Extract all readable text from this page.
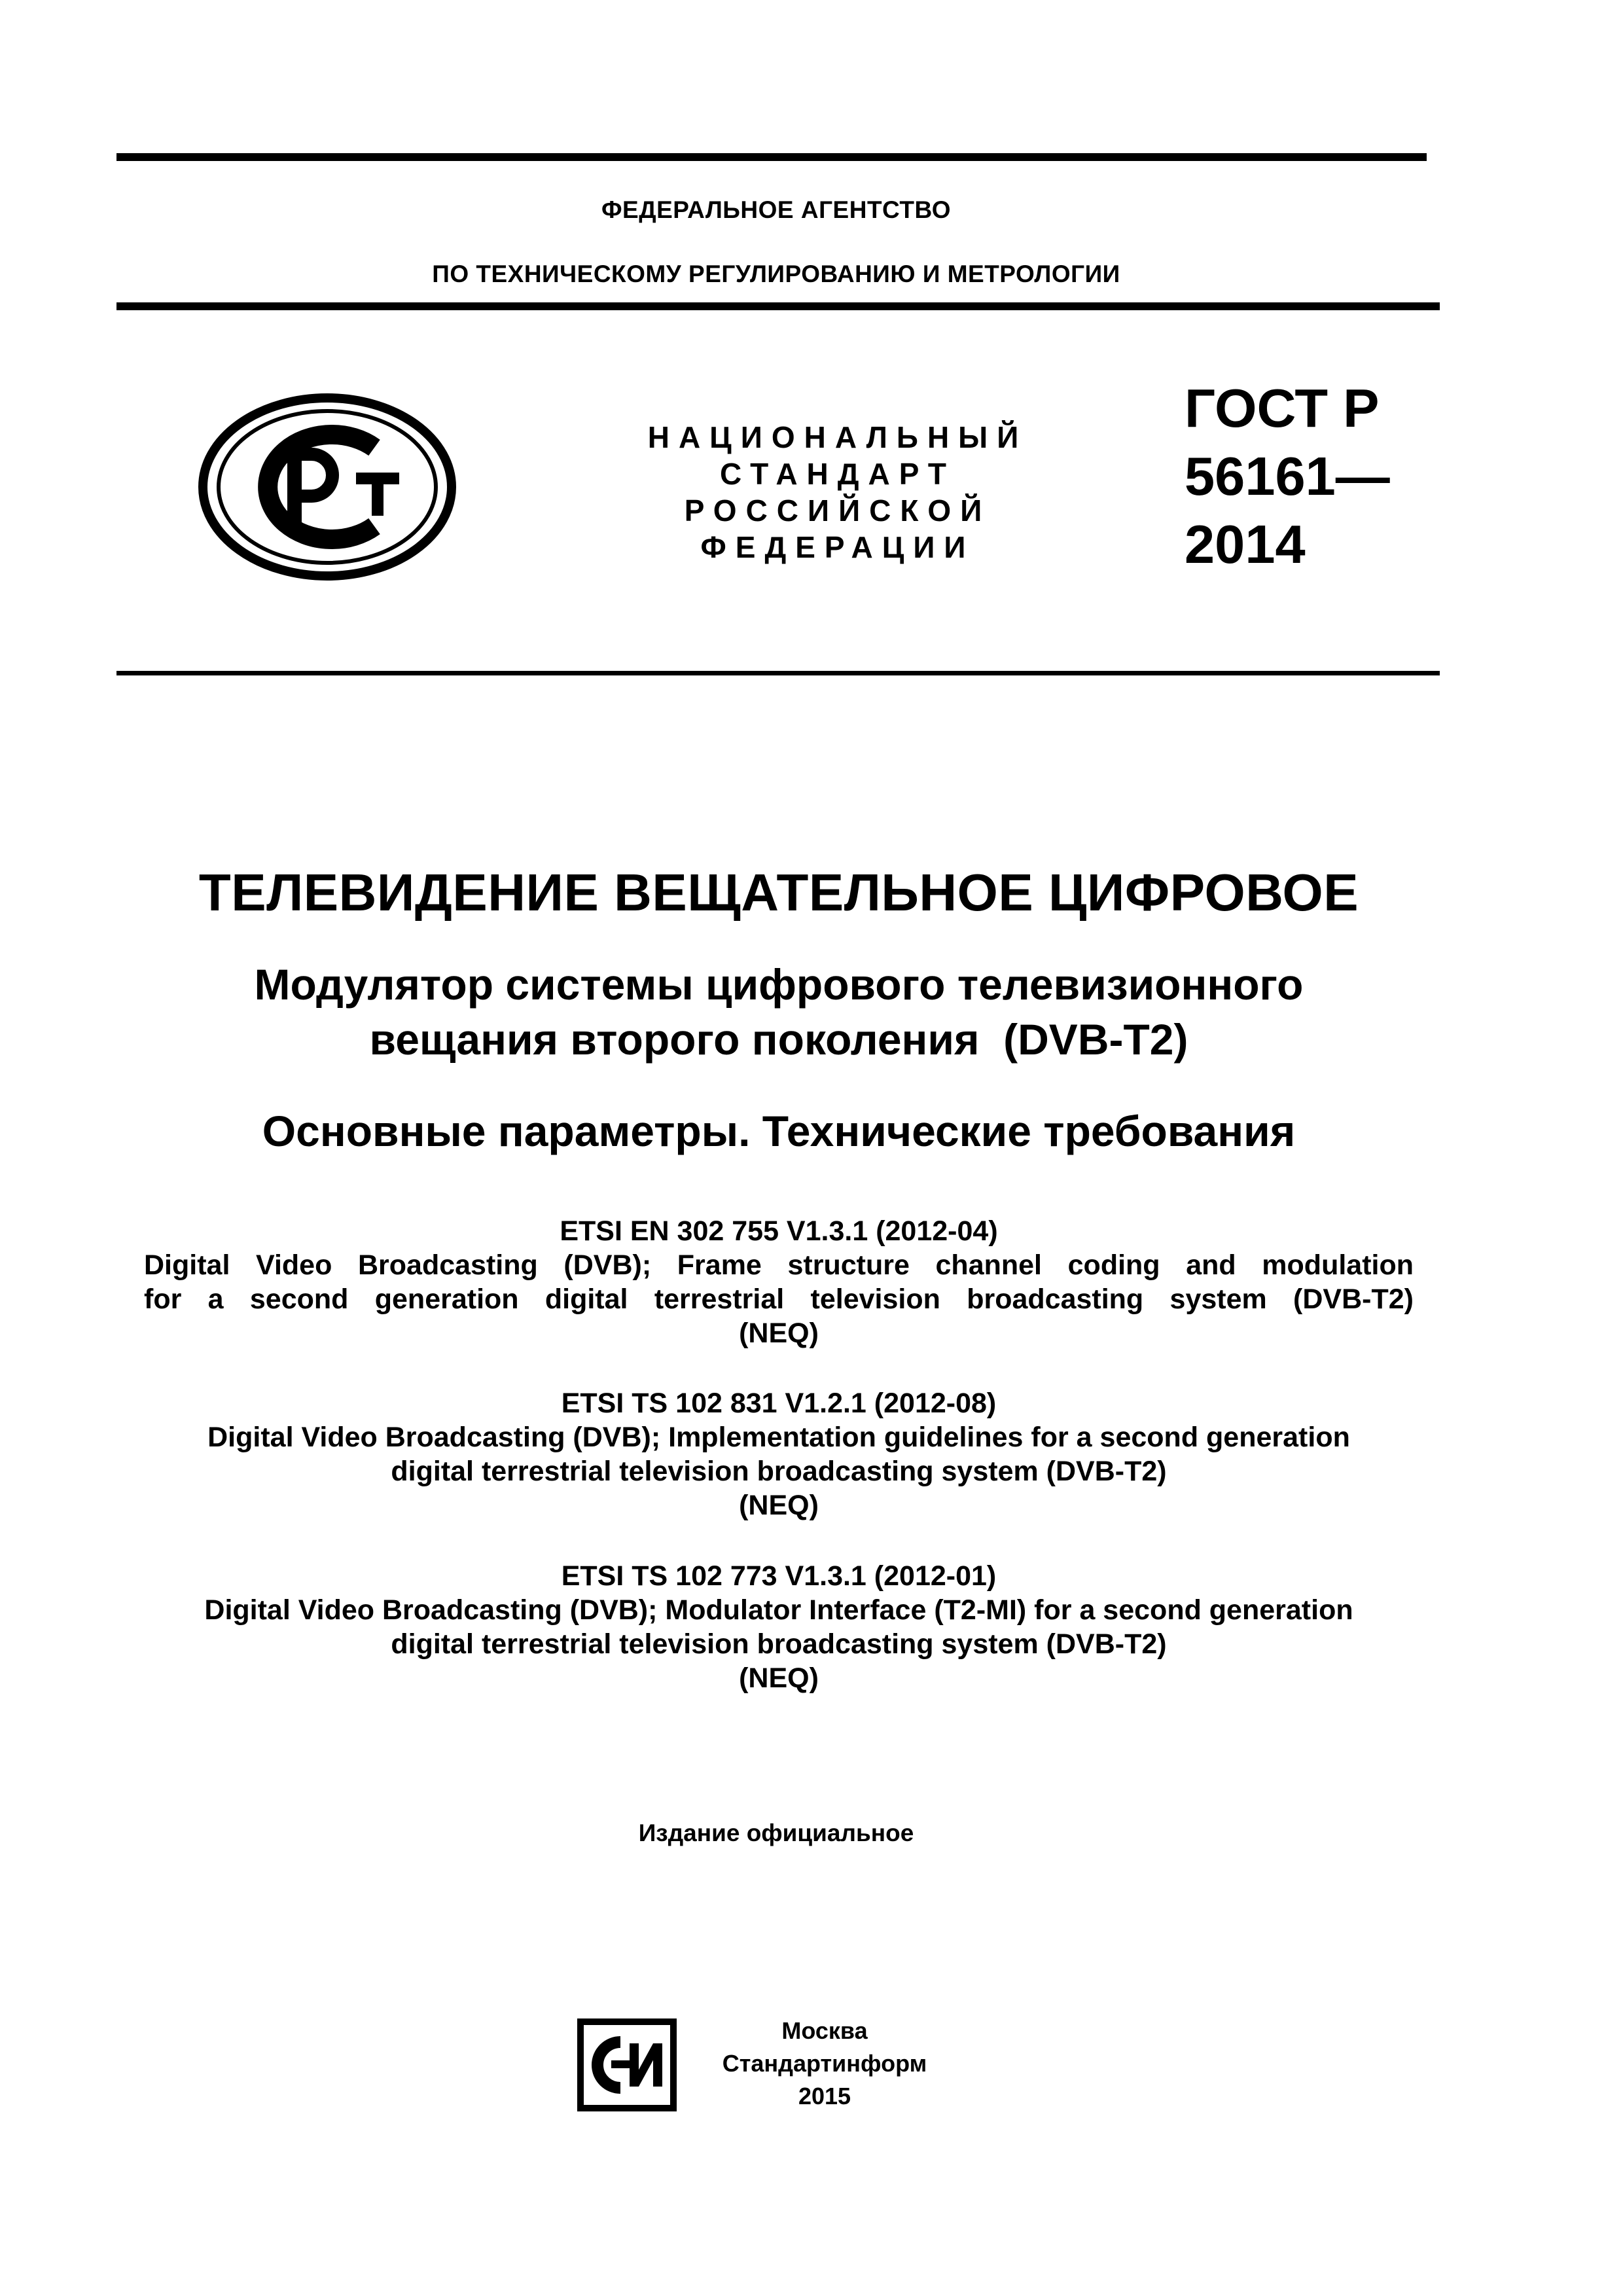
ФЕДЕРАЛЬНОЕ АГЕНТСТВО
ПО ТЕХНИЧЕСКОМУ РЕГУЛИРОВАНИЮ И МЕТРОЛОГИИ
НАЦИОНАЛЬНЫЙ
СТАНДАРТ
РОССИЙСКОЙ
ФЕДЕРАЦИИ
ГОСТ Р
56161—
2014
ТЕЛЕВИДЕНИЕ ВЕЩАТЕЛЬНОЕ ЦИФРОВОЕ
Модулятор системы цифрового телевизионного
вещания второго поколения  (DVB-T2)
Основные параметры. Технические требования
ETSI EN 302 755 V1.3.1 (2012-04)
Digital Video Broadcasting (DVB); Frame structure channel coding and modulation
for a second generation digital terrestrial television broadcasting system (DVB-T2)
(NEQ)
ETSI TS 102 831 V1.2.1 (2012-08)
Digital Video Broadcasting (DVB); Implementation guidelines for a second generation
digital terrestrial television broadcasting system (DVB-T2)
(NEQ)
ETSI TS 102 773 V1.3.1 (2012-01)
Digital Video Broadcasting (DVB); Modulator Interface (T2-MI) for a second generation
digital terrestrial television broadcasting system (DVB-T2)
(NEQ)
Издание официальное
Москва
Стандартинформ
2015
